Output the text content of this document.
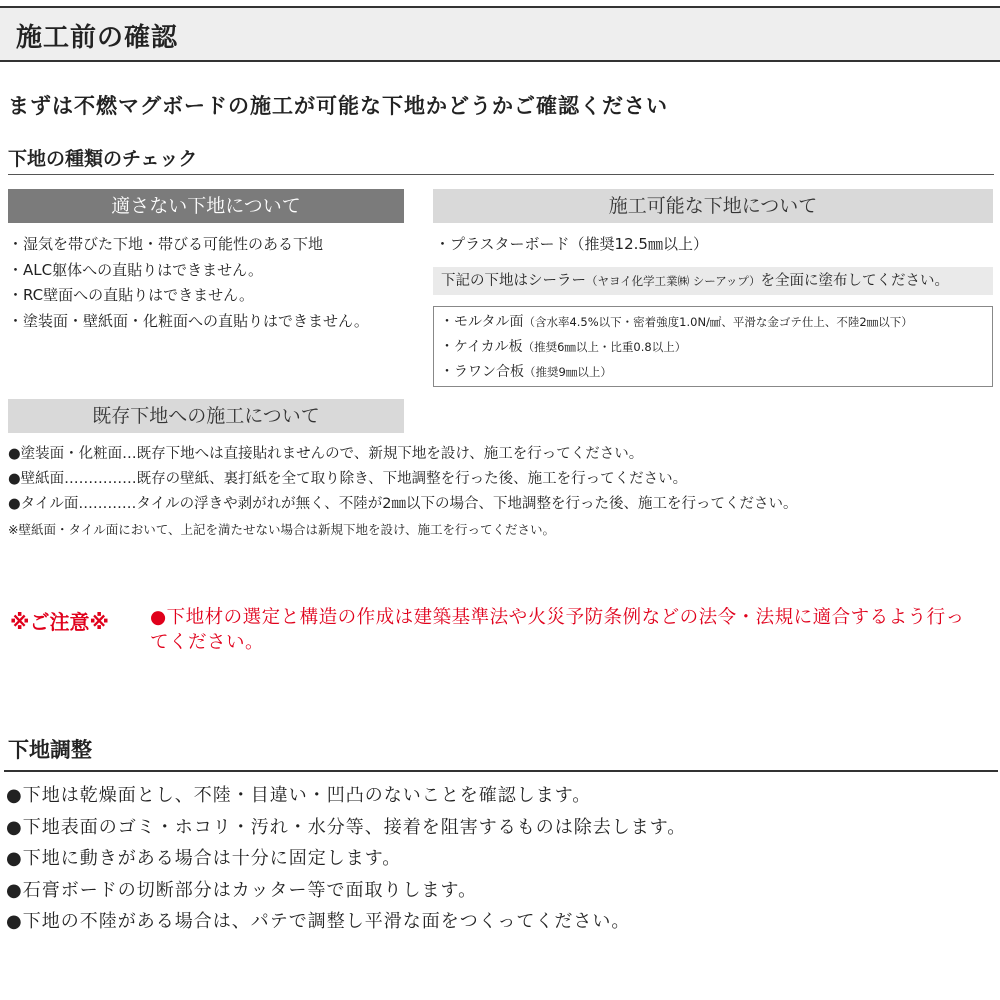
施工前の確認
まずは不燃マグボードの施工が可能な下地かどうかご確認ください
下地の種類のチェック
適さない下地について	施工可能な下地について
・湿気を帯びた下地・帯びる可能性のある下地
・ALC躯体への直貼りはできません。
・RC壁面への直貼りはできません。
・塗装面・壁紙面・化粧面への直貼りはできません。
・プラスターボード（推奨12.5㎜以上）
下記の下地はシーラー（ヤヨイ化学工業㈱ シーアップ）を全面に塗布してください。
・モルタル面（含水率4.5%以下・密着強度1.0N/㎟、平滑な金ゴテ仕上、不陸2㎜以下）
・ケイカル板（推奨6㎜以上・比重0.8以上）
・ラワン合板（推奨9㎜以上）
既存下地への施工について
●塗装面・化粧面…既存下地へは直接貼れませんので、新規下地を設け、施工を行ってください。
●壁紙面……………既存の壁紙、裏打紙を全て取り除き、下地調整を行った後、施工を行ってください。
●タイル面…………タイルの浮きや剥がれが無く、不陸が2㎜以下の場合、下地調整を行った後、施工を行ってください。
※壁紙面・タイル面において、上記を満たせない場合は新規下地を設け、施工を行ってください。
※ご注意※ ●下地材の選定と構造の作成は建築基準法や火災予防条例などの法令・法規に適合するよう行ってください。
下地調整
●下地は乾燥面とし、不陸・目違い・凹凸のないことを確認します。
●下地表面のゴミ・ホコリ・汚れ・水分等、接着を阻害するものは除去します。
●下地に動きがある場合は十分に固定します。
●石膏ボードの切断部分はカッター等で面取りします。
●下地の不陸がある場合は、パテで調整し平滑な面をつくってください。
